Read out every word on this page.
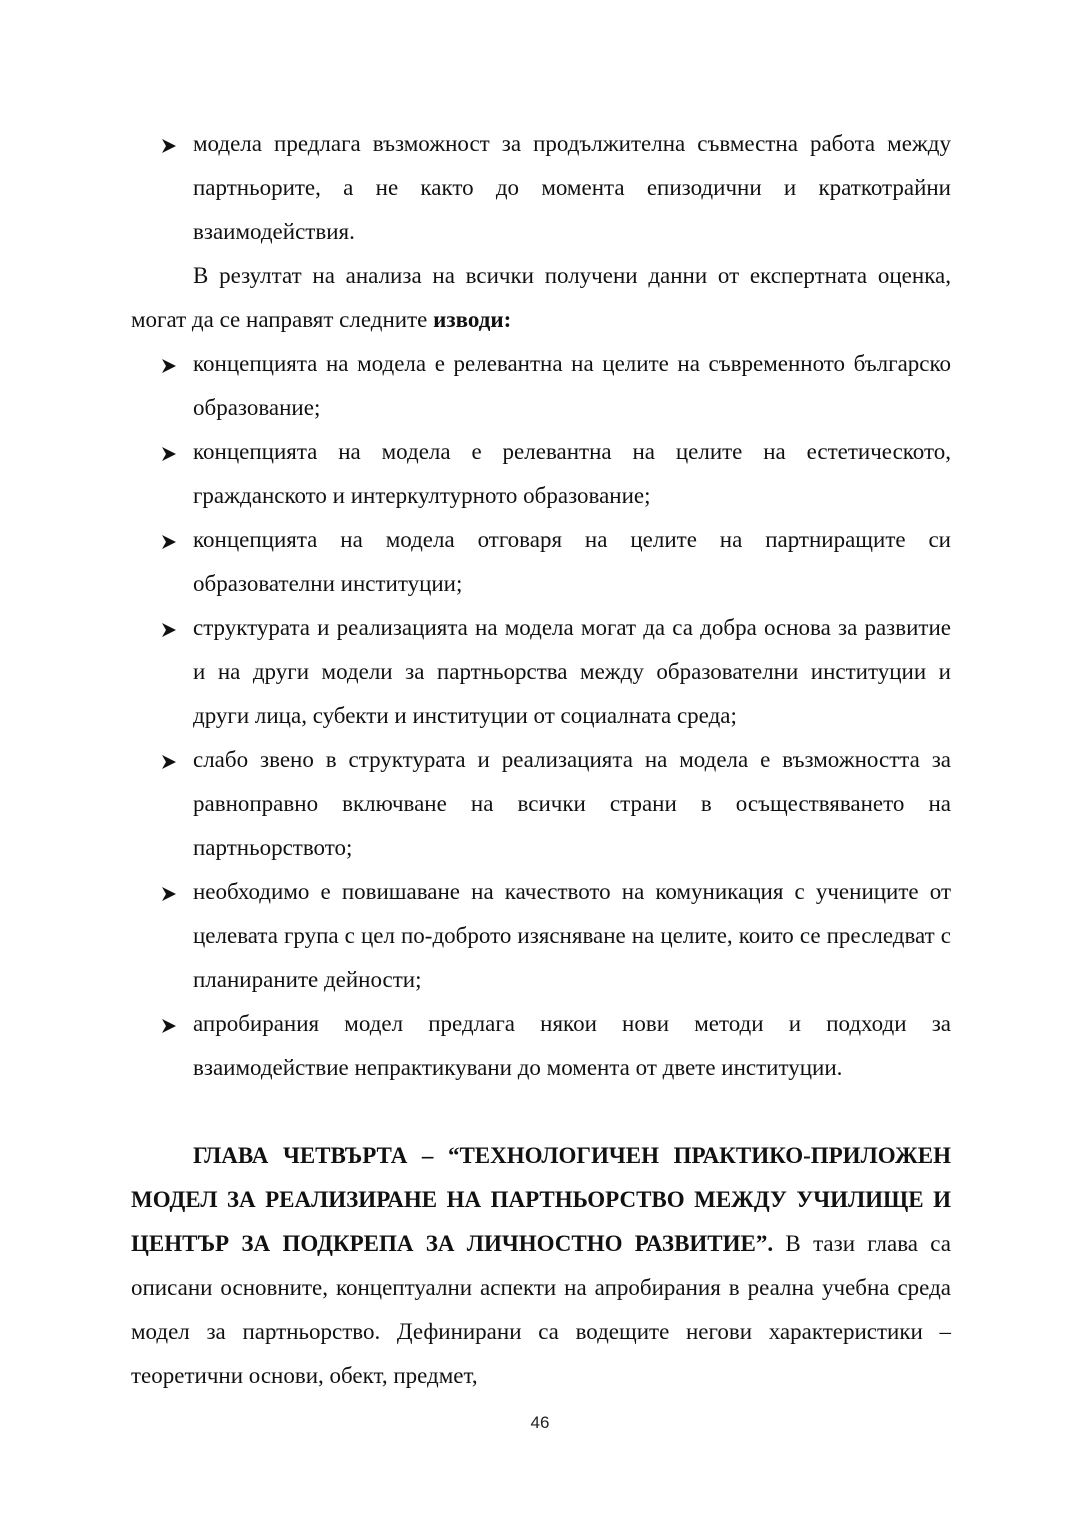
модела предлага възможност за продължителна съвместна работа между партньорите, а не както до момента епизодични и краткотрайни взаимодействия.

В резултат на анализа на всички получени данни от експертната оценка, могат да се направят следните изводи:

концепцията на модела е релевантна на целите на съвременното българско образование;
концепцията на модела е релевантна на целите на естетическото, гражданското и интеркултурното образование;
концепцията на модела отговаря на целите на партниращите си образователни институции;
структурата и реализацията на модела могат да са добра основа за развитие и на други модели за партньорства между образователни институции и други лица, субекти и институции от социалната среда;
слабо звено в структурата и реализацията на модела е възможността за равноправно включване на всички страни в осъществяването на партньорството;
необходимо е повишаване на качеството на комуникация с учениците от целевата група с цел по-доброто изясняване на целите, които се преследват с планираните дейности;
апробирания модел предлага някои нови методи и подходи за взаимодействие непрактикувани до момента от двете институции.

ГЛАВА ЧЕТВЪРТА – “ТЕХНОЛОГИЧЕН ПРАКТИКО-ПРИЛОЖЕН МОДЕЛ ЗА РЕАЛИЗИРАНЕ НА ПАРТНЬОРСТВО МЕЖДУ УЧИЛИЩЕ И ЦЕНТЪР ЗА ПОДКРЕПА ЗА ЛИЧНОСТНО РАЗВИТИЕ”. В тази глава са описани основните, концептуални аспекти на апробирания в реална учебна среда модел за партньорство. Дефинирани са водещите негови характеристики – теоретични основи, обект, предмет,

46
